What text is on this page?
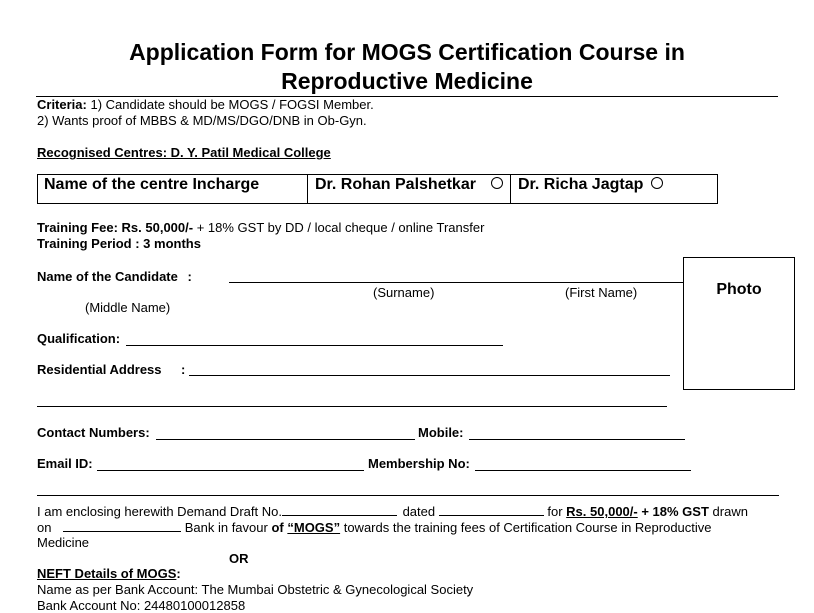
Application Form for MOGS Certification Course in
Reproductive Medicine
Criteria: 1) Candidate should be MOGS / FOGSI Member.
2) Wants proof of MBBS & MD/MS/DGO/DNB in Ob-Gyn.
Recognised Centres: D. Y. Patil Medical College
Name of the centre Incharge	Dr. Rohan Palshetkar	Dr. Richa Jagtap
Training Fee: Rs. 50,000/- + 18% GST by DD / local cheque / online Transfer
Training Period : 3 months
Name of the Candidate :
(Surname)	(First Name)
(Middle Name)
Photo
Qualification:
Residential Address :
Contact Numbers:	Mobile:
Email ID:	Membership No:
I am enclosing herewith Demand Draft No.	dated	for Rs. 50,000/- + 18% GST drawn
on	Bank in favour of “MOGS” towards the training fees of Certification Course in Reproductive
Medicine
OR
NEFT Details of MOGS:
Name as per Bank Account: The Mumbai Obstetric & Gynecological Society
Bank Account No: 24480100012858
